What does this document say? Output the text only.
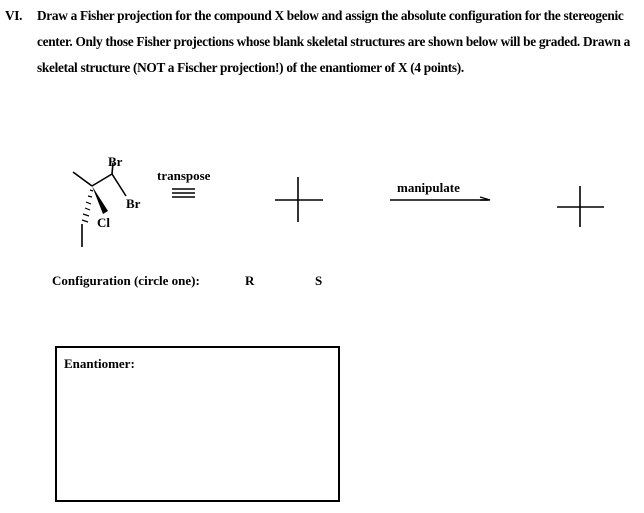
VI. Draw a Fisher projection for the compound X below and assign the absolute configuration for the stereogenic center. Only those Fisher projections whose blank skeletal structures are shown below will be graded. Drawn a skeletal structure (NOT a Fischer projection!) of the enantiomer of X (4 points).
Br
Br
Cl
transpose
manipulate
Configuration (circle one):	R	S
Enantiomer:
